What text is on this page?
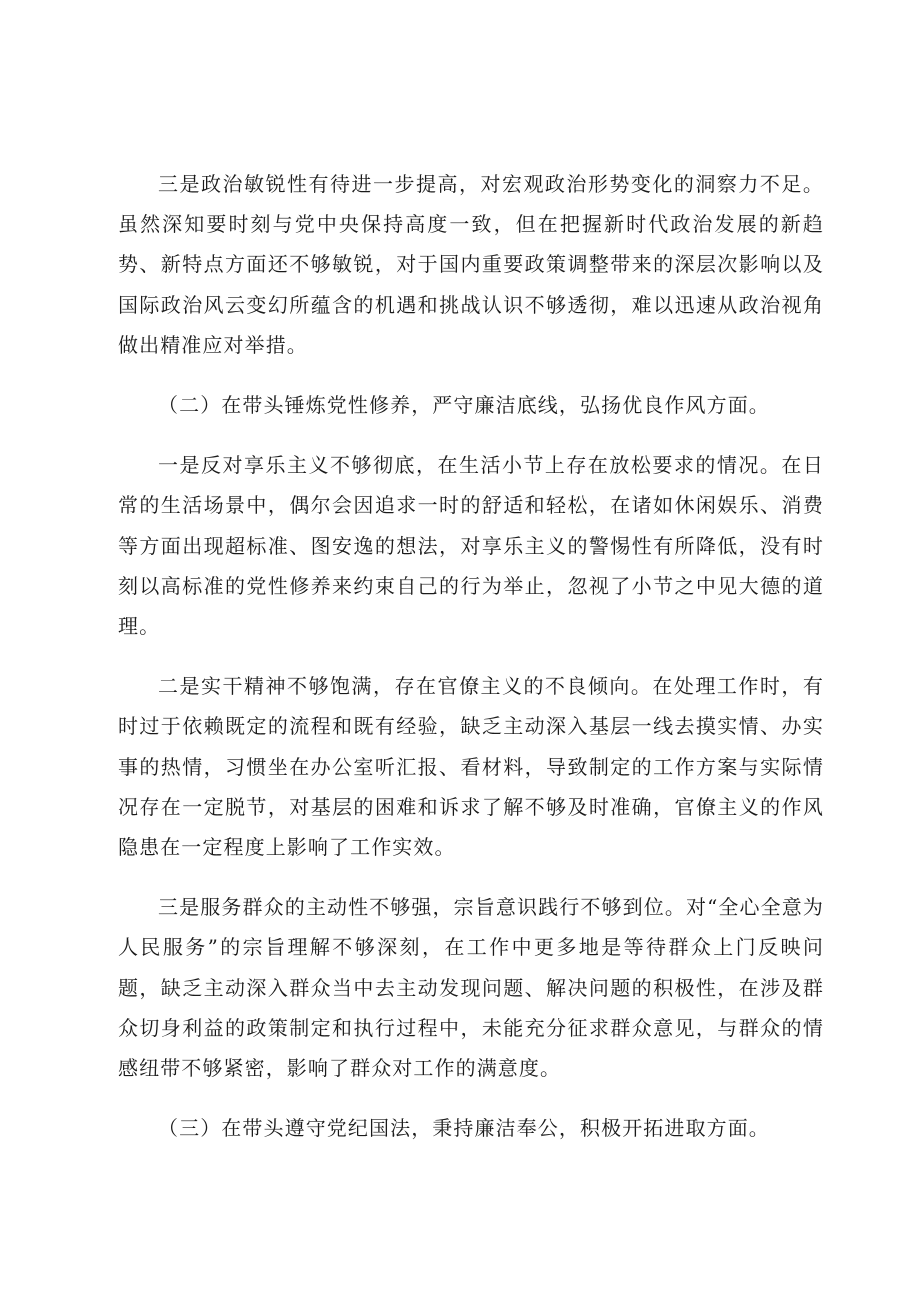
三是政治敏锐性有待进一步提高，对宏观政治形势变化的洞察力不足。虽然深知要时刻与党中央保持高度一致，但在把握新时代政治发展的新趋势、新特点方面还不够敏锐，对于国内重要政策调整带来的深层次影响以及国际政治风云变幻所蕴含的机遇和挑战认识不够透彻，难以迅速从政治视角做出精准应对举措。

（二）在带头锤炼党性修养，严守廉洁底线，弘扬优良作风方面。

一是反对享乐主义不够彻底，在生活小节上存在放松要求的情况。在日常的生活场景中，偶尔会因追求一时的舒适和轻松，在诸如休闲娱乐、消费等方面出现超标准、图安逸的想法，对享乐主义的警惕性有所降低，没有时刻以高标准的党性修养来约束自己的行为举止，忽视了小节之中见大德的道理。

二是实干精神不够饱满，存在官僚主义的不良倾向。在处理工作时，有时过于依赖既定的流程和既有经验，缺乏主动深入基层一线去摸实情、办实事的热情，习惯坐在办公室听汇报、看材料，导致制定的工作方案与实际情况存在一定脱节，对基层的困难和诉求了解不够及时准确，官僚主义的作风隐患在一定程度上影响了工作实效。

三是服务群众的主动性不够强，宗旨意识践行不够到位。对“全心全意为人民服务”的宗旨理解不够深刻，在工作中更多地是等待群众上门反映问题，缺乏主动深入群众当中去主动发现问题、解决问题的积极性，在涉及群众切身利益的政策制定和执行过程中，未能充分征求群众意见，与群众的情感纽带不够紧密，影响了群众对工作的满意度。

（三）在带头遵守党纪国法，秉持廉洁奉公，积极开拓进取方面。
